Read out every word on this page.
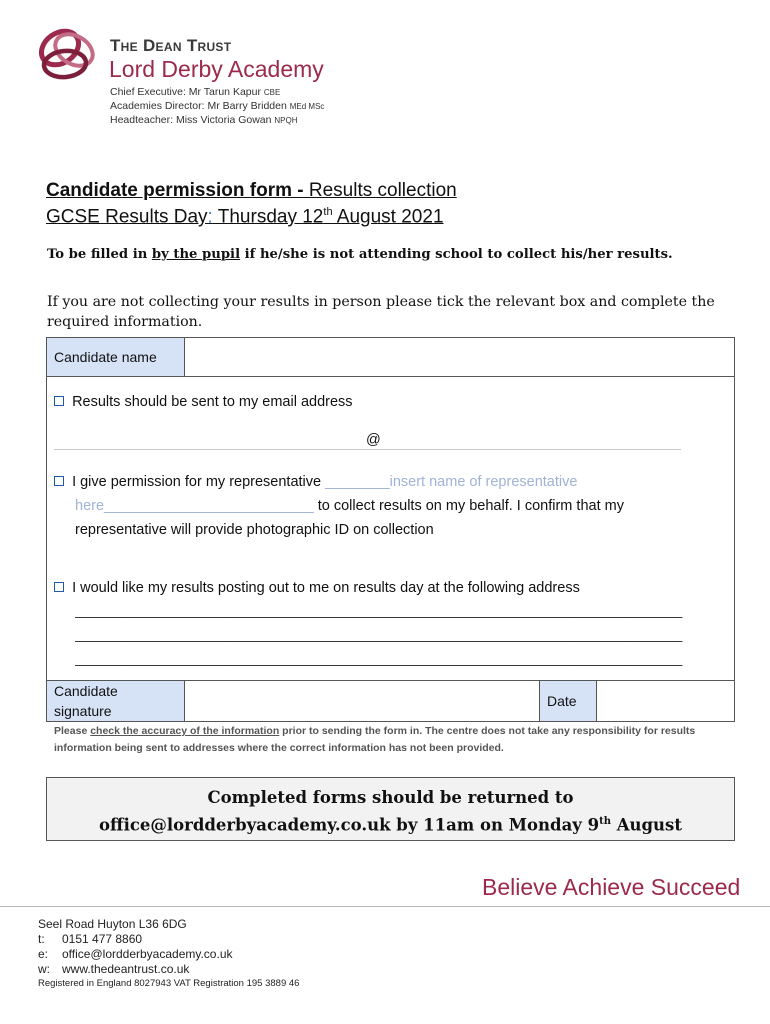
The Dean Trust
Lord Derby Academy
Chief Executive: Mr Tarun Kapur CBE
Academies Director: Mr Barry Bridden MEd MSc
Headteacher: Miss Victoria Gowan NPQH
Candidate permission form - Results collection
GCSE Results Day: Thursday 12th August 2021
To be filled in by the pupil if he/she is not attending school to collect his/her results.
If you are not collecting your results in person please tick the relevant box and complete the required information.
Candidate name
Results should be sent to my email address
@
I give permission for my representative ________insert name of representative
here__________________________ to collect results on my behalf. I confirm that my
representative will provide photographic ID on collection
I would like my results posting out to me on results day at the following address
______________________________________________________________________________
______________________________________________________________________________
______________________________________________________________________________
Candidate
signature
Date
Please check the accuracy of the information prior to sending the form in. The centre does not take any responsibility for results information being sent to addresses where the correct information has not been provided.
Completed forms should be returned to
office@lordderbyacademy.co.uk by 11am on Monday 9th August
Believe Achieve Succeed
Seel Road Huyton L36 6DG
t: 0151 477 8860
e: office@lordderbyacademy.co.uk
w: www.thedeantrust.co.uk
Registered in England 8027943 VAT Registration 195 3889 46
